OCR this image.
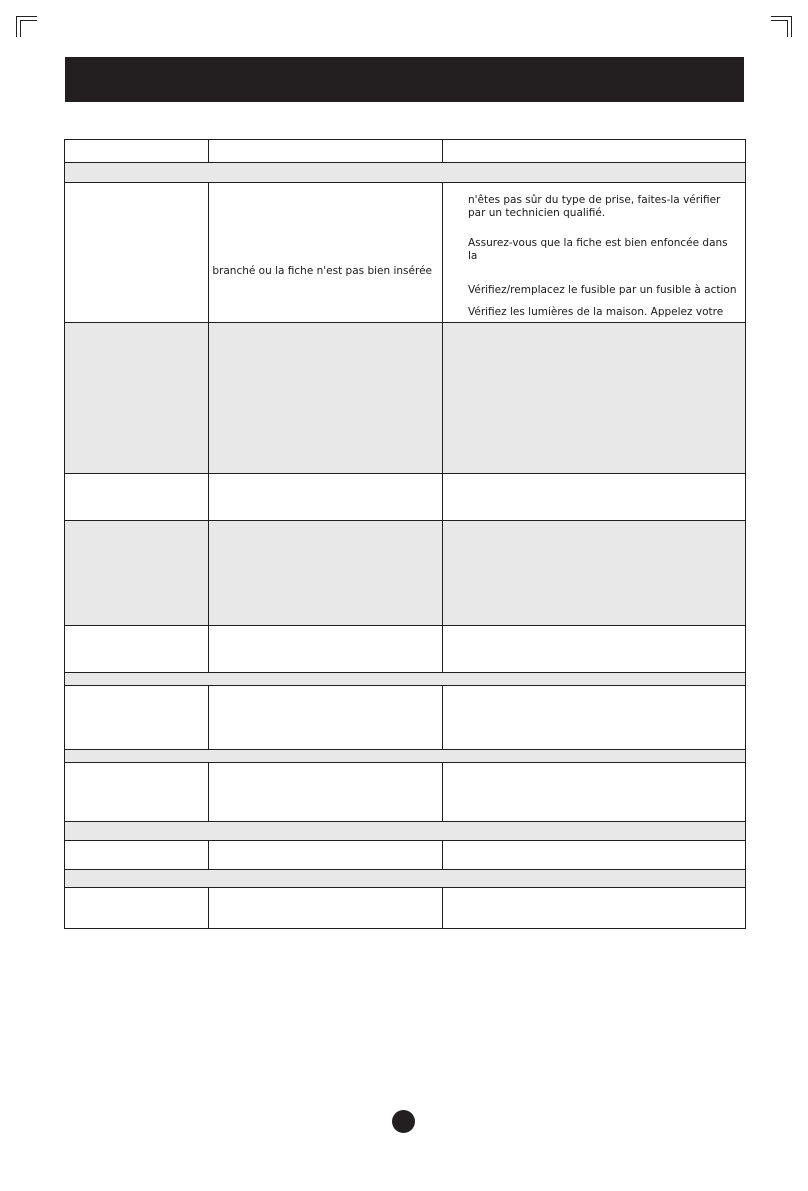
	branché ou la fiche n'est pas bien insérée	n'êtes pas sûr du type de prise, faites-la vérifier par un technicien qualifié.

Assurez-vous que la fiche est bien enfoncée dans la

Vérifiez/remplacez le fusible par un fusible à action

Vérifiez les lumières de la maison. Appelez votre
